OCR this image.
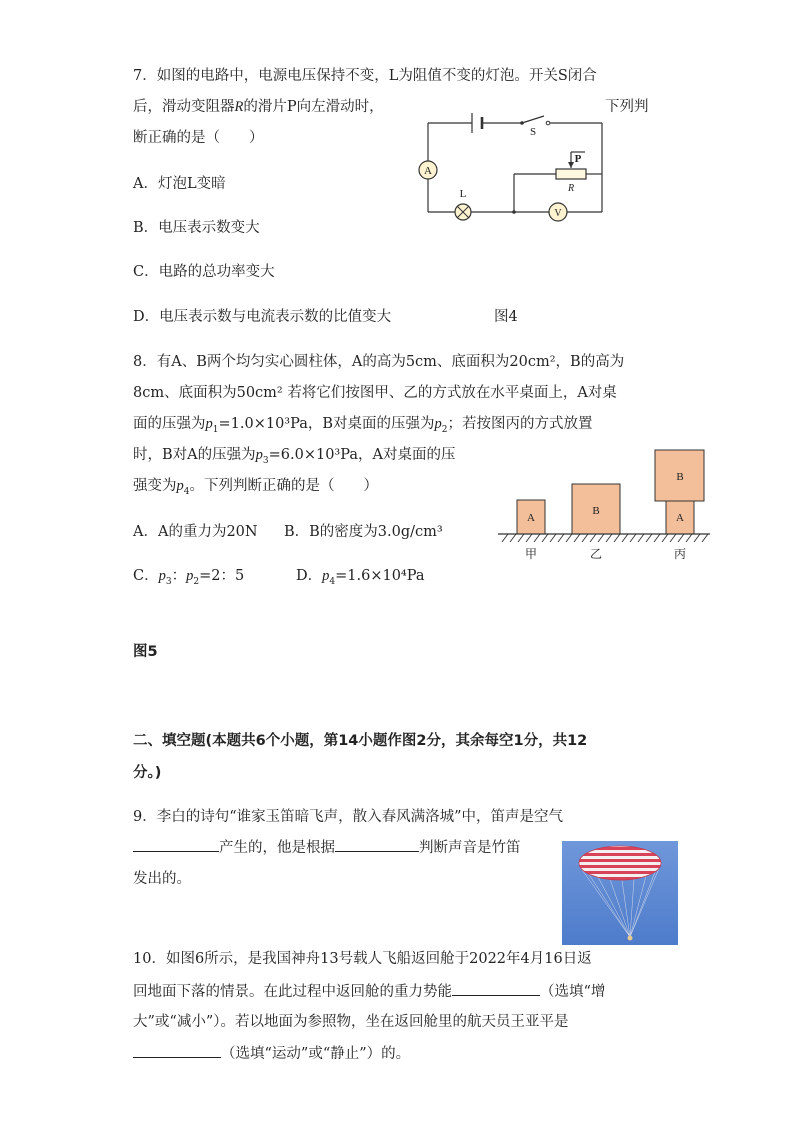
7．如图的电路中，电源电压保持不变，L为阻值不变的灯泡。开关S闭合
后，滑动变阻器R的滑片P向左滑动时，	下列判
断正确的是（　　）
A．灯泡L变暗
B．电压表示数变大
C．电路的总功率变大
D．电压表示数与电流表示数的比值变大	图4
A
S
P
R
L
V
8．有A、B两个均匀实心圆柱体，A的高为5cm、底面积为20cm²，B的高为
8cm、底面积为50cm² 若将它们按图甲、乙的方式放在水平桌面上，A对桌
面的压强为$p_1=1.0\times 10^3Pa$，B对桌面的压强为$p_2$；若按图丙的方式放置
时，B对A的压强为$p_3=6.0\times 10^3Pa$，A对桌面的压
强变为$p_4$。下列判断正确的是（　　）
A．A的重力为20N B．B的密度为3.0g/cm³
C．$p_3$：$p_2=2$：5	D．$p_4=1.6\times 10^4Pa$
A
B
B
A
甲	乙	丙
图5
二、填空题(本题共6个小题，第14小题作图2分，其余每空1分，共12
分。)
9．李白的诗句“谁家玉笛暗飞声，散入春风满洛城”中，笛声是空气
产生的，他是根据	判断声音是竹笛
发出的。
10．如图6所示，是我国神舟13号载人飞船返回舱于2022年4月16日返
回地面下落的情景。在此过程中返回舱的重力势能	（选填“增
大”或“减小”）。若以地面为参照物，坐在返回舱里的航天员王亚平是
（选填“运动”或“静止”）的。
